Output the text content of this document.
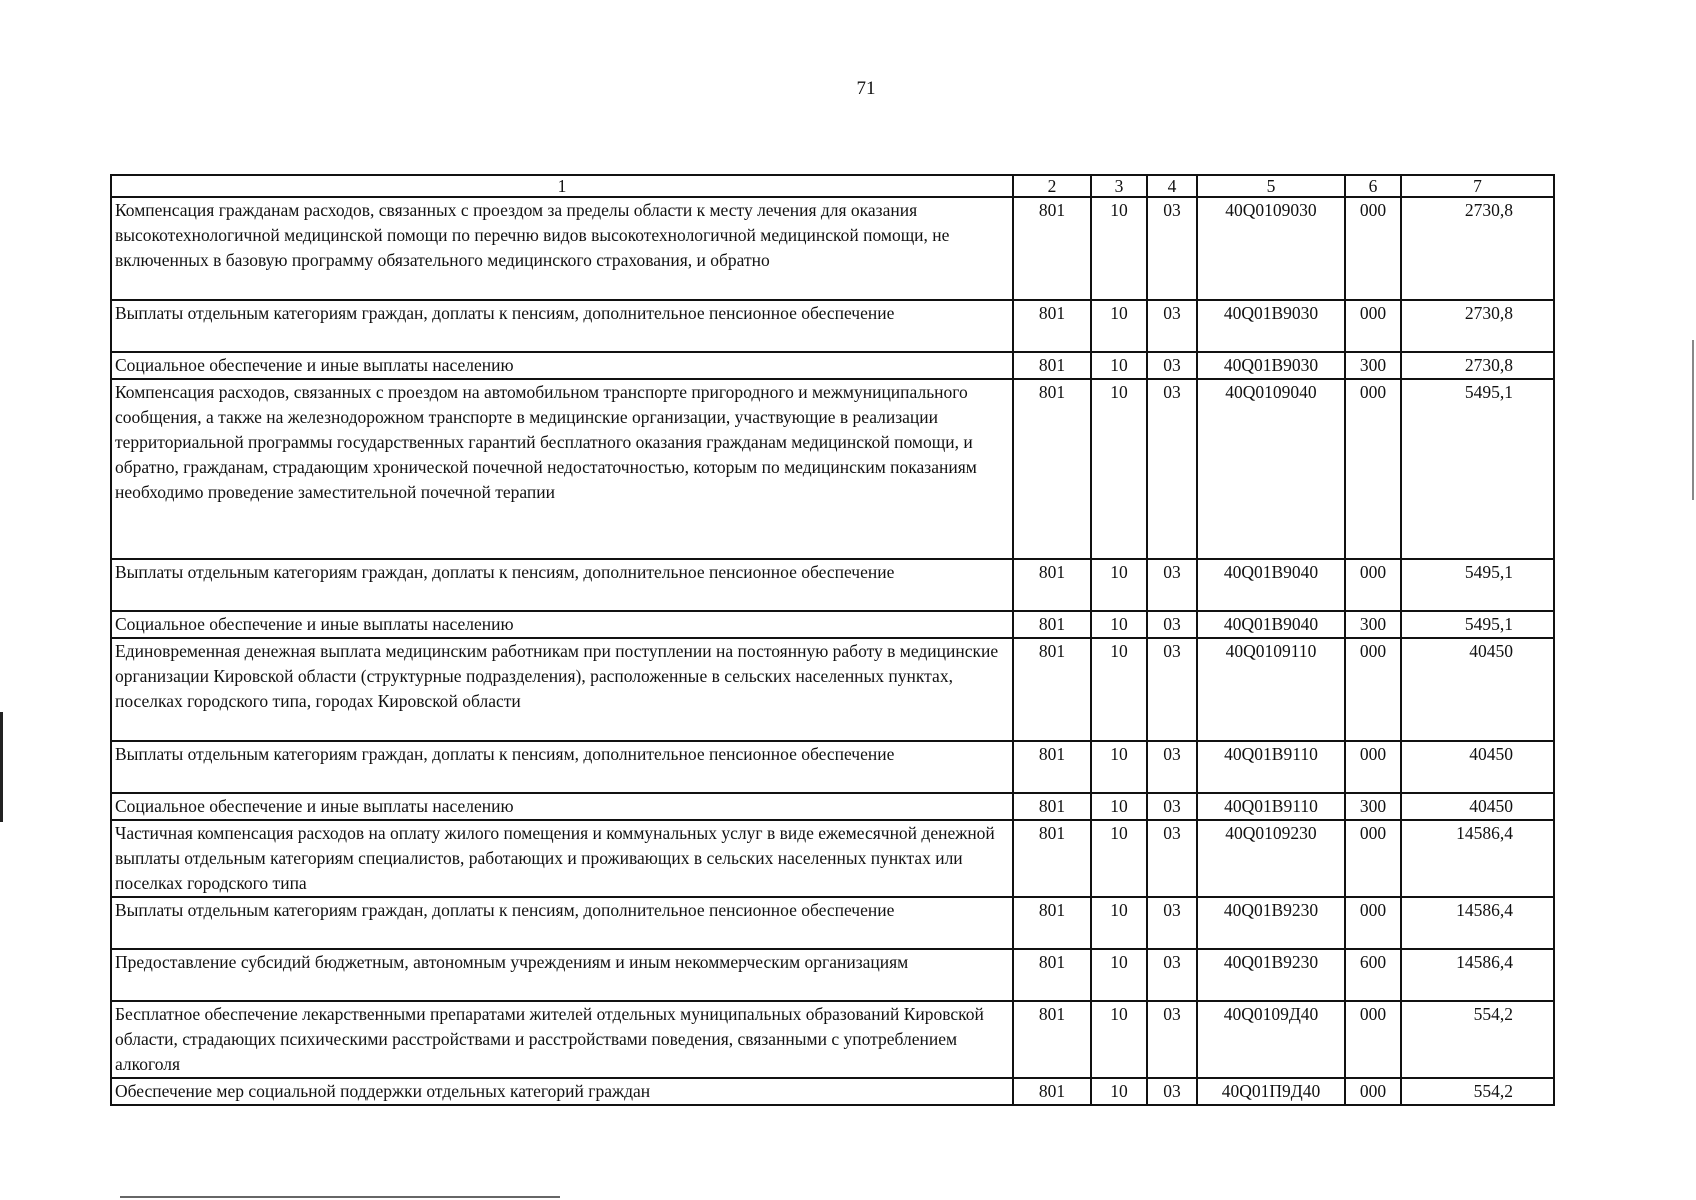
71
1	2	3	4	5	6	7
Компенсация гражданам расходов, связанных с проездом за пределы области к месту лечения для оказания высокотехнологичной медицинской помощи по перечню видов высокотехнологичной медицинской помощи, не включенных в базовую программу обязательного медицинского страхования, и обратно	801	10	03	40Q0109030	000	2730,8
Выплаты отдельным категориям граждан, доплаты к пенсиям, дополнительное пенсионное обеспечение	801	10	03	40Q01B9030	000	2730,8
Социальное обеспечение и иные выплаты населению	801	10	03	40Q01B9030	300	2730,8
Компенсация расходов, связанных с проездом на автомобильном транспорте пригородного и межмуниципального сообщения, а также на железнодорожном транспорте в медицинские организации, участвующие в реализации территориальной программы государственных гарантий бесплатного оказания гражданам медицинской помощи, и обратно, гражданам, страдающим хронической почечной недостаточностью, которым по медицинским показаниям необходимо проведение заместительной почечной терапии	801	10	03	40Q0109040	000	5495,1
Выплаты отдельным категориям граждан, доплаты к пенсиям, дополнительное пенсионное обеспечение	801	10	03	40Q01B9040	000	5495,1
Социальное обеспечение и иные выплаты населению	801	10	03	40Q01B9040	300	5495,1
Единовременная денежная выплата медицинским работникам при поступлении на постоянную работу в медицинские организации Кировской области (структурные подразделения), расположенные в сельских населенных пунктах, поселках городского типа, городах Кировской области	801	10	03	40Q0109110	000	40450
Выплаты отдельным категориям граждан, доплаты к пенсиям, дополнительное пенсионное обеспечение	801	10	03	40Q01B9110	000	40450
Социальное обеспечение и иные выплаты населению	801	10	03	40Q01B9110	300	40450
Частичная компенсация расходов на оплату жилого помещения и коммунальных услуг в виде ежемесячной денежной выплаты отдельным категориям специалистов, работающих и проживающих в сельских населенных пунктах или поселках городского типа	801	10	03	40Q0109230	000	14586,4
Выплаты отдельным категориям граждан, доплаты к пенсиям, дополнительное пенсионное обеспечение	801	10	03	40Q01B9230	000	14586,4
Предоставление субсидий бюджетным, автономным учреждениям и иным некоммерческим организациям	801	10	03	40Q01B9230	600	14586,4
Бесплатное обеспечение лекарственными препаратами жителей отдельных муниципальных образований Кировской области, страдающих психическими расстройствами и расстройствами поведения, связанными с употреблением алкоголя	801	10	03	40Q0109Д40	000	554,2
Обеспечение мер социальной поддержки отдельных категорий граждан	801	10	03	40Q01П9Д40	000	554,2
